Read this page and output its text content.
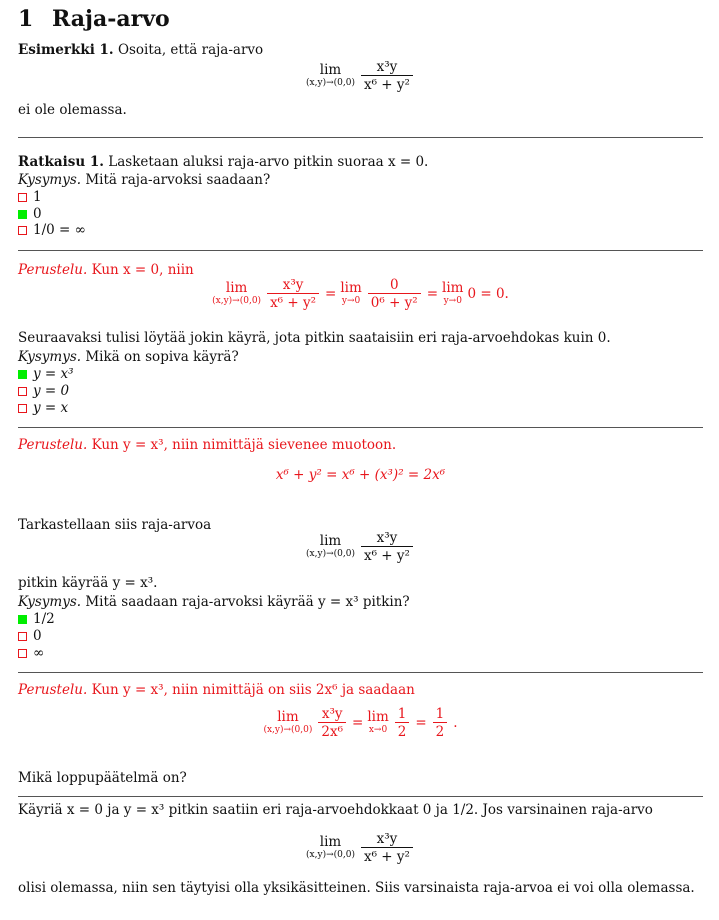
1 Raja-arvo
Esimerkki 1. Osoita, että raja-arvo
lim
$(x,y)\to(0,0) \frac{\text{x³y}}{\text{x⁶ + y²}}$
ei ole olemassa.
Ratkaisu 1. Lasketaan aluksi raja-arvo pitkin suoraa x = 0.
Kysymys. Mitä raja-arvoksi saadaan?
1
0
1/0 = ∞
Perustelu. Kun x = 0, niin
lim
$(x,y)\to(0,0) \frac{\text{x³y}}{\text{x⁶ + y²}} = \lim$
$y\to 0 \frac{0}{\text{0⁶ + y²}} = \lim$
y→0 0 = 0.
Seuraavaksi tulisi löytää jokin käyrä, jota pitkin saataisiin eri raja-arvoehdokas kuin 0.
Kysymys. Mikä on sopiva käyrä?
y = x³
y = 0
y = x
Perustelu. Kun y = x³, niin nimittäjä sievenee muotoon.
x⁶ + y² = x⁶ + (x³)² = 2x⁶
Tarkastellaan siis raja-arvoa
lim
$(x,y)\to(0,0) \frac{\text{x³y}}{\text{x⁶ + y²}}$
pitkin käyrää y = x³.
Kysymys. Mitä saadaan raja-arvoksi käyrää y = x³ pitkin?
1/2
0
∞
Perustelu. Kun y = x³, niin nimittäjä on siis 2x⁶ ja saadaan
lim
$(x,y)\to(0,0) \frac{\text{x³y}}{\text{2x⁶}} = \lim$
$x\to 0 \frac{1}{2} = \frac{1}{2}$ .
Mikä loppupäätelmä on?
Käyriä x = 0 ja y = x³ pitkin saatiin eri raja-arvoehdokkaat 0 ja 1/2. Jos varsinainen raja-arvo
lim
$(x,y)\to(0,0) \frac{\text{x³y}}{\text{x⁶ + y²}}$
olisi olemassa, niin sen täytyisi olla yksikäsitteinen. Siis varsinaista raja-arvoa ei voi olla olemassa.
